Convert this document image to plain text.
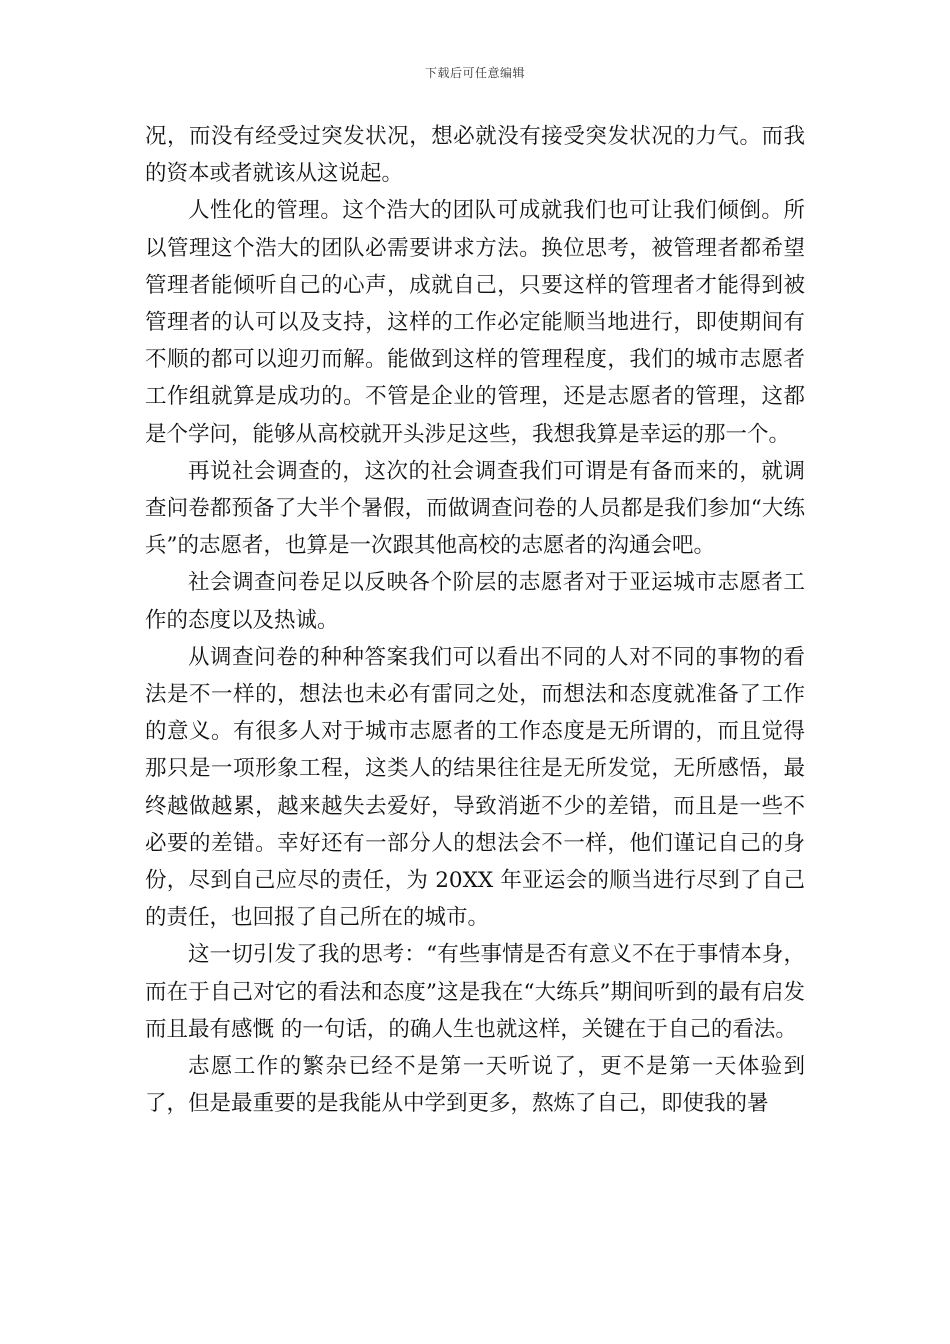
下载后可任意编辑

况，而没有经受过突发状况，想必就没有接受突发状况的力气。而我的资本或者就该从这说起。

人性化的管理。这个浩大的团队可成就我们也可让我们倾倒。所以管理这个浩大的团队必需要讲求方法。换位思考，被管理者都希望管理者能倾听自己的心声，成就自己，只要这样的管理者才能得到被管理者的认可以及支持，这样的工作必定能顺当地进行，即使期间有不顺的都可以迎刃而解。能做到这样的管理程度，我们的城市志愿者工作组就算是成功的。不管是企业的管理，还是志愿者的管理，这都是个学问，能够从高校就开头涉足这些，我想我算是幸运的那一个。

再说社会调查的，这次的社会调查我们可谓是有备而来的，就调查问卷都预备了大半个暑假，而做调查问卷的人员都是我们参加“大练兵”的志愿者，也算是一次跟其他高校的志愿者的沟通会吧。

社会调查问卷足以反映各个阶层的志愿者对于亚运城市志愿者工作的态度以及热诚。

从调查问卷的种种答案我们可以看出不同的人对不同的事物的看法是不一样的，想法也未必有雷同之处，而想法和态度就准备了工作的意义。有很多人对于城市志愿者的工作态度是无所谓的，而且觉得那只是一项形象工程，这类人的结果往往是无所发觉，无所感悟，最终越做越累，越来越失去爱好，导致消逝不少的差错，而且是一些不必要的差错。幸好还有一部分人的想法会不一样，他们谨记自己的身份，尽到自己应尽的责任，为 20XX 年亚运会的顺当进行尽到了自己的责任，也回报了自己所在的城市。

这一切引发了我的思考：“有些事情是否有意义不在于事情本身，而在于自己对它的看法和态度”这是我在“大练兵”期间听到的最有启发而且最有感慨 的一句话，的确人生也就这样，关键在于自己的看法。

志愿工作的繁杂已经不是第一天听说了，更不是第一天体验到了，但是最重要的是我能从中学到更多，熬炼了自己，即使我的暑
